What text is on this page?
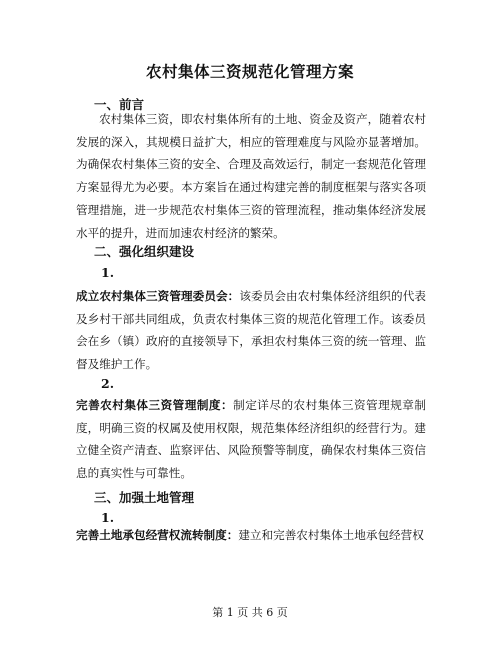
农村集体三资规范化管理方案
一、前言
农村集体三资，即农村集体所有的土地、资金及资产，随着农村发展的深入，其规模日益扩大，相应的管理难度与风险亦显著增加。为确保农村集体三资的安全、合理及高效运行，制定一套规范化管理方案显得尤为必要。本方案旨在通过构建完善的制度框架与落实各项管理措施，进一步规范农村集体三资的管理流程，推动集体经济发展水平的提升，进而加速农村经济的繁荣。
二、强化组织建设
1.
成立农村集体三资管理委员会：该委员会由农村集体经济组织的代表及乡村干部共同组成，负责农村集体三资的规范化管理工作。该委员会在乡（镇）政府的直接领导下，承担农村集体三资的统一管理、监督及维护工作。
2.
完善农村集体三资管理制度：制定详尽的农村集体三资管理规章制度，明确三资的权属及使用权限，规范集体经济组织的经营行为。建立健全资产清查、监察评估、风险预警等制度，确保农村集体三资信息的真实性与可靠性。
三、加强土地管理
1.
完善土地承包经营权流转制度：建立和完善农村集体土地承包经营权
第 1 页 共 6 页
